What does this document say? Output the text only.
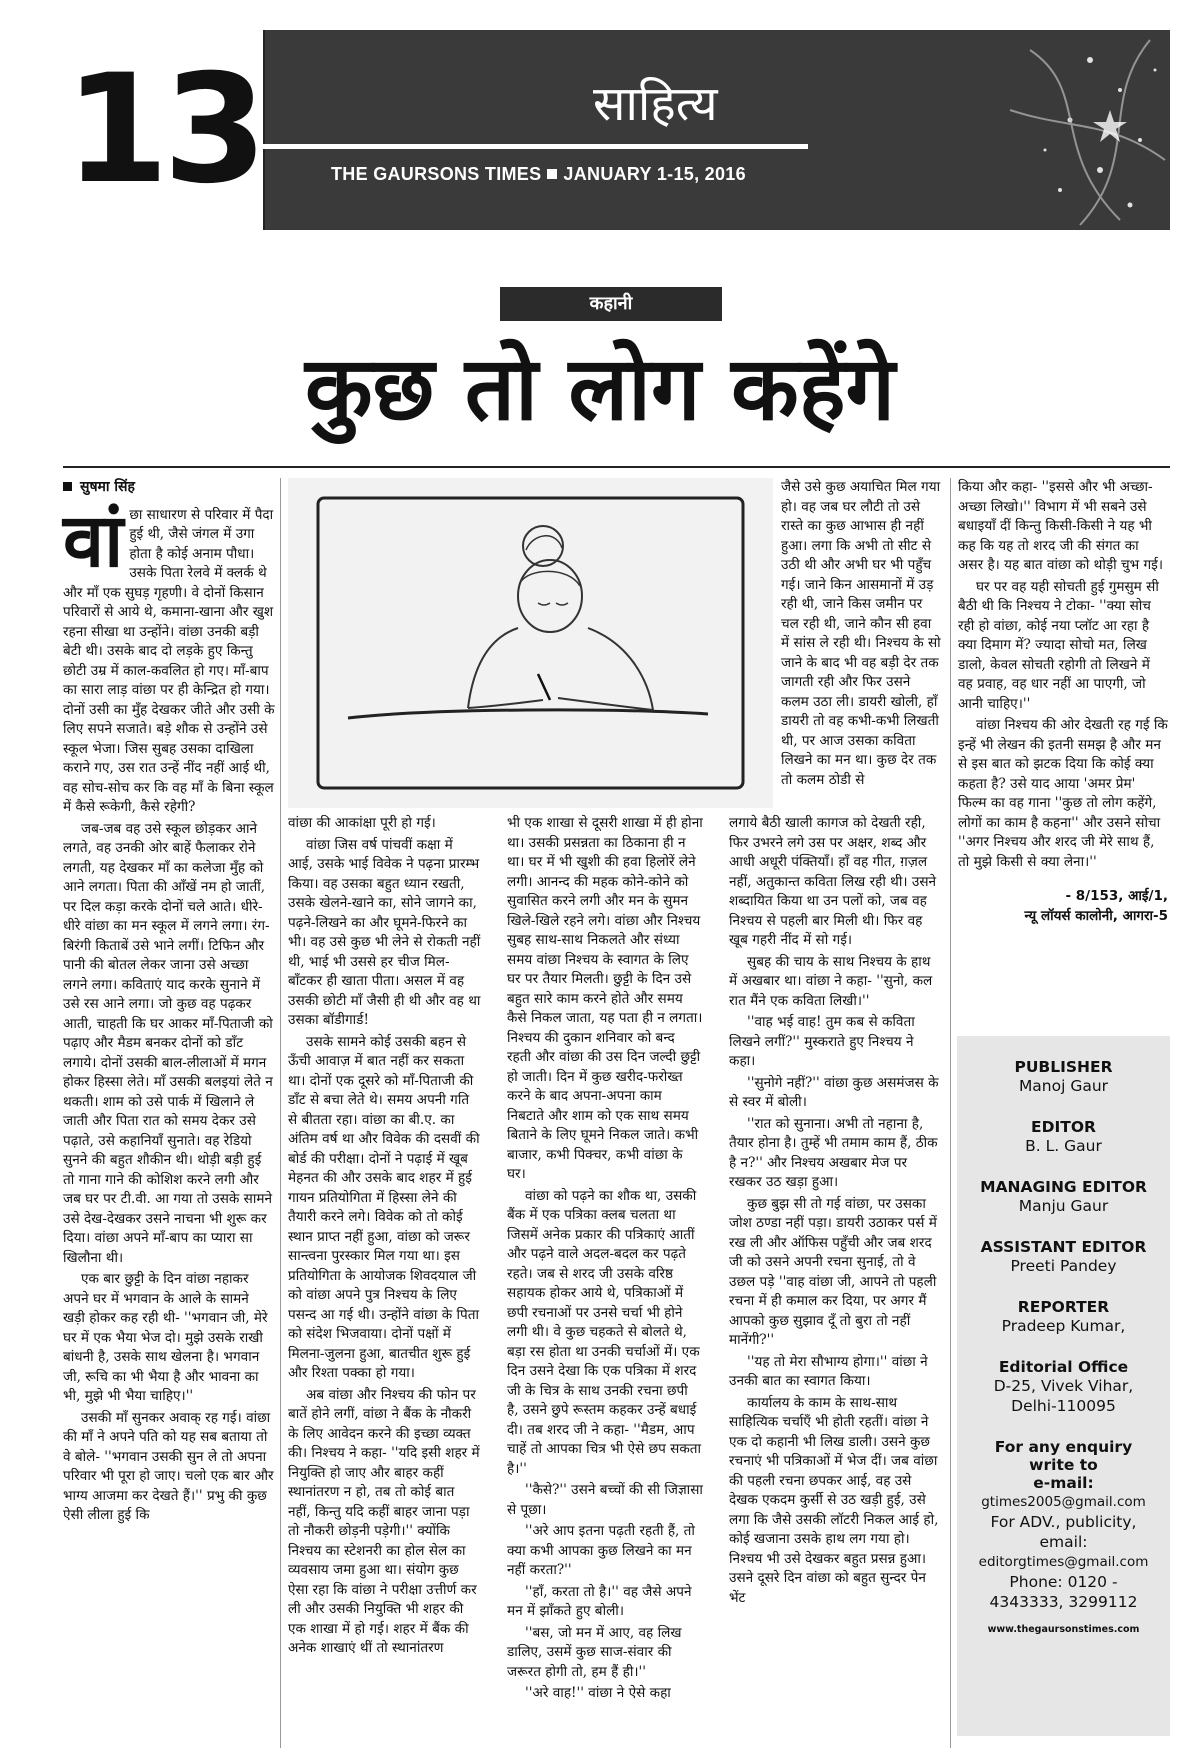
13	साहित्य
THE GAURSONS TIMES JANUARY 1-15, 2016
कहानी
कुछ तो लोग कहेंगे
सुषमा सिंह

वांछा साधारण से परिवार में पैदा हुई थी, जैसे जंगल में उगा होता है कोई अनाम पौधा। उसके पिता रेलवे में क्लर्क थे और माँ एक सुघड़ गृहणी। वे दोनों किसान परिवारों से आये थे, कमाना-खाना और खुश रहना सीखा था उन्होंने। वांछा उनकी बड़ी बेटी थी। उसके बाद दो लड़के हुए किन्तु छोटी उम्र में काल-कवलित हो गए। माँ-बाप का सारा लाड़ वांछा पर ही केन्द्रित हो गया। दोनों उसी का मुँह देखकर जीते और उसी के लिए सपने सजाते। बड़े शौक से उन्होंने उसे स्कूल भेजा। जिस सुबह उसका दाखिला कराने गए, उस रात उन्हें नींद नहीं आई थी, वह सोच-सोच कर कि वह माँ के बिना स्कूल में कैसे रूकेगी, कैसे रहेगी?

जब-जब वह उसे स्कूल छोड़कर आने लगते, वह उनकी ओर बाहें फैलाकर रोने लगती, यह देखकर माँ का कलेजा मुँह को आने लगता। पिता की आँखें नम हो जातीं, पर दिल कड़ा करके दोनों चले आते। धीरे-धीरे वांछा का मन स्कूल में लगने लगा। रंग-बिरंगी किताबें उसे भाने लगीं। टिफिन और पानी की बोतल लेकर जाना उसे अच्छा लगने लगा। कविताएं याद करके सुनाने में उसे रस आने लगा। जो कुछ वह पढ़कर आती, चाहती कि घर आकर माँ-पिताजी को पढ़ाए और मैडम बनकर दोनों को डाँट लगाये। दोनों उसकी बाल-लीलाओं में मगन होकर हिस्सा लेते। माँ उसकी बलइयां लेते न थकती। शाम को उसे पार्क में खिलाने ले जाती और पिता रात को समय देकर उसे पढ़ाते, उसे कहानियाँ सुनाते। वह रेडियो सुनने की बहुत शौकीन थी। थोड़ी बड़ी हुई तो गाना गाने की कोशिश करने लगी और जब घर पर टी.वी. आ गया तो उसके सामने उसे देख-देखकर उसने नाचना भी शुरू कर दिया। वांछा अपने माँ-बाप का प्यारा सा खिलौना थी।

एक बार छुट्टी के दिन वांछा नहाकर अपने घर में भगवान के आले के सामने खड़ी होकर कह रही थी- ''भगवान जी, मेरे घर में एक भैया भेज दो। मुझे उसके राखी बांधनी है, उसके साथ खेलना है। भगवान जी, रूचि का भी भैया है और भावना का भी, मुझे भी भैया चाहिए।''

उसकी माँ सुनकर अवाक् रह गई। वांछा की माँ ने अपने पति को यह सब बताया तो वे बोले- ''भगवान उसकी सुन ले तो अपना परिवार भी पूरा हो जाए। चलो एक बार और भाग्य आजमा कर देखते हैं।'' प्रभु की कुछ ऐसी लीला हुई कि

वांछा की आकांक्षा पूरी हो गई।

वांछा जिस वर्ष पांचवीं कक्षा में आई, उसके भाई विवेक ने पढ़ना प्रारम्भ किया। वह उसका बहुत ध्यान रखती, उसके खेलने-खाने का, सोने जागने का, पढ़ने-लिखने का और घूमने-फिरने का भी। वह उसे कुछ भी लेने से रोकती नहीं थी, भाई भी उससे हर चीज मिल-बाँटकर ही खाता पीता। असल में वह उसकी छोटी माँ जैसी ही थी और वह था उसका बॉडीगार्ड!

उसके सामने कोई उसकी बहन से ऊँची आवाज़ में बात नहीं कर सकता था। दोनों एक दूसरे को माँ-पिताजी की डाँट से बचा लेते थे। समय अपनी गति से बीतता रहा। वांछा का बी.ए. का अंतिम वर्ष था और विवेक की दसवीं की बोर्ड की परीक्षा। दोनों ने पढ़ाई में खूब मेहनत की और उसके बाद शहर में हुई गायन प्रतियोगिता में हिस्सा लेने की तैयारी करने लगे। विवेक को तो कोई स्थान प्राप्त नहीं हुआ, वांछा को जरूर सान्त्वना पुरस्कार मिल गया था। इस प्रतियोगिता के आयोजक शिवदयाल जी को वांछा अपने पुत्र निश्चय के लिए पसन्द आ गई थी। उन्होंने वांछा के पिता को संदेश भिजवाया। दोनों पक्षों में मिलना-जुलना हुआ, बातचीत शुरू हुई और रिश्ता पक्का हो गया।

अब वांछा और निश्चय की फोन पर बातें होने लगीं, वांछा ने बैंक के नौकरी के लिए आवेदन करने की इच्छा व्यक्त की। निश्चय ने कहा- ''यदि इसी शहर में नियुक्ति हो जाए और बाहर कहीं स्थानांतरण न हो, तब तो कोई बात नहीं, किन्तु यदि कहीं बाहर जाना पड़ा तो नौकरी छोड़नी पड़ेगी।'' क्योंकि निश्चय का स्टेशनरी का होल सेल का व्यवसाय जमा हुआ था। संयोग कुछ ऐसा रहा कि वांछा ने परीक्षा उत्तीर्ण कर ली और उसकी नियुक्ति भी शहर की एक शाखा में हो गई। शहर में बैंक की अनेक शाखाएं थीं तो स्थानांतरण

भी एक शाखा से दूसरी शाखा में ही होना था। उसकी प्रसन्नता का ठिकाना ही न था। घर में भी खुशी की हवा हिलोरें लेने लगी। आनन्द की महक कोने-कोने को सुवासित करने लगी और मन के सुमन खिले-खिले रहने लगे। वांछा और निश्चय सुबह साथ-साथ निकलते और संध्या समय वांछा निश्चय के स्वागत के लिए घर पर तैयार मिलती। छुट्टी के दिन उसे बहुत सारे काम करने होते और समय कैसे निकल जाता, यह पता ही न लगता। निश्चय की दुकान शनिवार को बन्द रहती और वांछा की उस दिन जल्दी छुट्टी हो जाती। दिन में कुछ खरीद-फरोख्त करने के बाद अपना-अपना काम निबटाते और शाम को एक साथ समय बिताने के लिए घूमने निकल जाते। कभी बाजार, कभी पिक्चर, कभी वांछा के घर।

वांछा को पढ़ने का शौक था, उसकी बैंक में एक पत्रिका क्लब चलता था जिसमें अनेक प्रकार की पत्रिकाएं आतीं और पढ़ने वाले अदल-बदल कर पढ़ते रहते। जब से शरद जी उसके वरिष्ठ सहायक होकर आये थे, पत्रिकाओं में छपी रचनाओं पर उनसे चर्चा भी होने लगी थी। वे कुछ चहकते से बोलते थे, बड़ा रस होता था उनकी चर्चाओं में। एक दिन उसने देखा कि एक पत्रिका में शरद जी के चित्र के साथ उनकी रचना छपी है, उसने छुपे रूस्तम कहकर उन्हें बधाई दी। तब शरद जी ने कहा- ''मैडम, आप चाहें तो आपका चित्र भी ऐसे छप सकता है।''

''कैसे?'' उसने बच्चों की सी जिज्ञासा से पूछा।

''अरे आप इतना पढ़ती रहती हैं, तो क्या कभी आपका कुछ लिखने का मन नहीं करता?''

''हाँ, करता तो है।'' वह जैसे अपने मन में झाँकते हुए बोली।

''बस, जो मन में आए, वह लिख डालिए, उसमें कुछ साज-संवार की जरूरत होगी तो, हम हैं ही।''

''अरे वाह!'' वांछा ने ऐसे कहा

जैसे उसे कुछ अयाचित मिल गया हो। वह जब घर लौटी तो उसे रास्ते का कुछ आभास ही नहीं हुआ। लगा कि अभी तो सीट से उठी थी और अभी घर भी पहुँच गई। जाने किन आसमानों में उड़ रही थी, जाने किस जमीन पर चल रही थी, जाने कौन सी हवा में सांस ले रही थी। निश्चय के सो जाने के बाद भी वह बड़ी देर तक जागती रही और फिर उसने कलम उठा ली। डायरी खोली, हाँ डायरी तो वह कभी-कभी लिखती थी, पर आज उसका कविता लिखने का मन था। कुछ देर तक तो कलम ठोडी से

लगाये बैठी खाली कागज को देखती रही, फिर उभरने लगे उस पर अक्षर, शब्द और आधी अधूरी पंक्तियाँ। हाँ वह गीत, ग़ज़ल नहीं, अतुकान्त कविता लिख रही थी। उसने शब्दायित किया था उन पलों को, जब वह निश्चय से पहली बार मिली थी। फिर वह खूब गहरी नींद में सो गई।

सुबह की चाय के साथ निश्चय के हाथ में अखबार था। वांछा ने कहा- ''सुनो, कल रात मैंने एक कविता लिखी।''

''वाह भई वाह! तुम कब से कविता लिखने लगीं?'' मुस्कराते हुए निश्चय ने कहा।

''सुनोगे नहीं?'' वांछा कुछ असमंजस के से स्वर में बोली।

''रात को सुनाना। अभी तो नहाना है, तैयार होना है। तुम्हें भी तमाम काम हैं, ठीक है न?'' और निश्चय अखबार मेज पर रखकर उठ खड़ा हुआ।

कुछ बुझ सी तो गई वांछा, पर उसका जोश ठण्डा नहीं पड़ा। डायरी उठाकर पर्स में रख ली और ऑफिस पहुँची और जब शरद जी को उसने अपनी रचना सुनाई, तो वे उछल पड़े ''वाह वांछा जी, आपने तो पहली रचना में ही कमाल कर दिया, पर अगर मैं आपको कुछ सुझाव दूँ तो बुरा तो नहीं मानेंगी?''

''यह तो मेरा सौभाग्य होगा।'' वांछा ने उनकी बात का स्वागत किया।

कार्यालय के काम के साथ-साथ साहित्यिक चर्चाएँ भी होती रहतीं। वांछा ने एक दो कहानी भी लिख डाली। उसने कुछ रचनाएं भी पत्रिकाओं में भेज दीं। जब वांछा की पहली रचना छपकर आई, वह उसे देखक एकदम कुर्सी से उठ खड़ी हुई, उसे लगा कि जैसे उसकी लॉटरी निकल आई हो, कोई खजाना उसके हाथ लग गया हो। निश्चय भी उसे देखकर बहुत प्रसन्न हुआ। उसने दूसरे दिन वांछा को बहुत सुन्दर पेन भेंट

किया और कहा- ''इससे और भी अच्छा-अच्छा लिखो।'' विभाग में भी सबने उसे बधाइयाँ दीं किन्तु किसी-किसी ने यह भी कह कि यह तो शरद जी की संगत का असर है। यह बात वांछा को थोड़ी चुभ गई।

घर पर वह यही सोचती हुई गुमसुम सी बैठी थी कि निश्चय ने टोका- ''क्या सोच रही हो वांछा, कोई नया प्लॉट आ रहा है क्या दिमाग में? ज्यादा सोचो मत, लिख डालो, केवल सोचती रहोगी तो लिखने में वह प्रवाह, वह धार नहीं आ पाएगी, जो आनी चाहिए।''

वांछा निश्चय की ओर देखती रह गई कि इन्हें भी लेखन की इतनी समझ है और मन से इस बात को झटक दिया कि कोई क्या कहता है? उसे याद आया 'अमर प्रेम' फिल्म का वह गाना ''कुछ तो लोग कहेंगे, लोगों का काम है कहना'' और उसने सोचा ''अगर निश्चय और शरद जी मेरे साथ हैं, तो मुझे किसी से क्या लेना।''

- 8/153, आई/1,
न्यू लॉयर्स कालोनी, आगरा-5
PUBLISHER
Manoj Gaur
EDITOR
B. L. Gaur
MANAGING EDITOR
Manju Gaur
ASSISTANT EDITOR
Preeti Pandey
REPORTER
Pradeep Kumar,
Editorial Office
D-25, Vivek Vihar,
Delhi-110095
For any enquiry
write to
e-mail:
gtimes2005@gmail.com
For ADV., publicity,
email:
editorgtimes@gmail.com
Phone: 0120 -
4343333, 3299112
www.thegaursonstimes.com
